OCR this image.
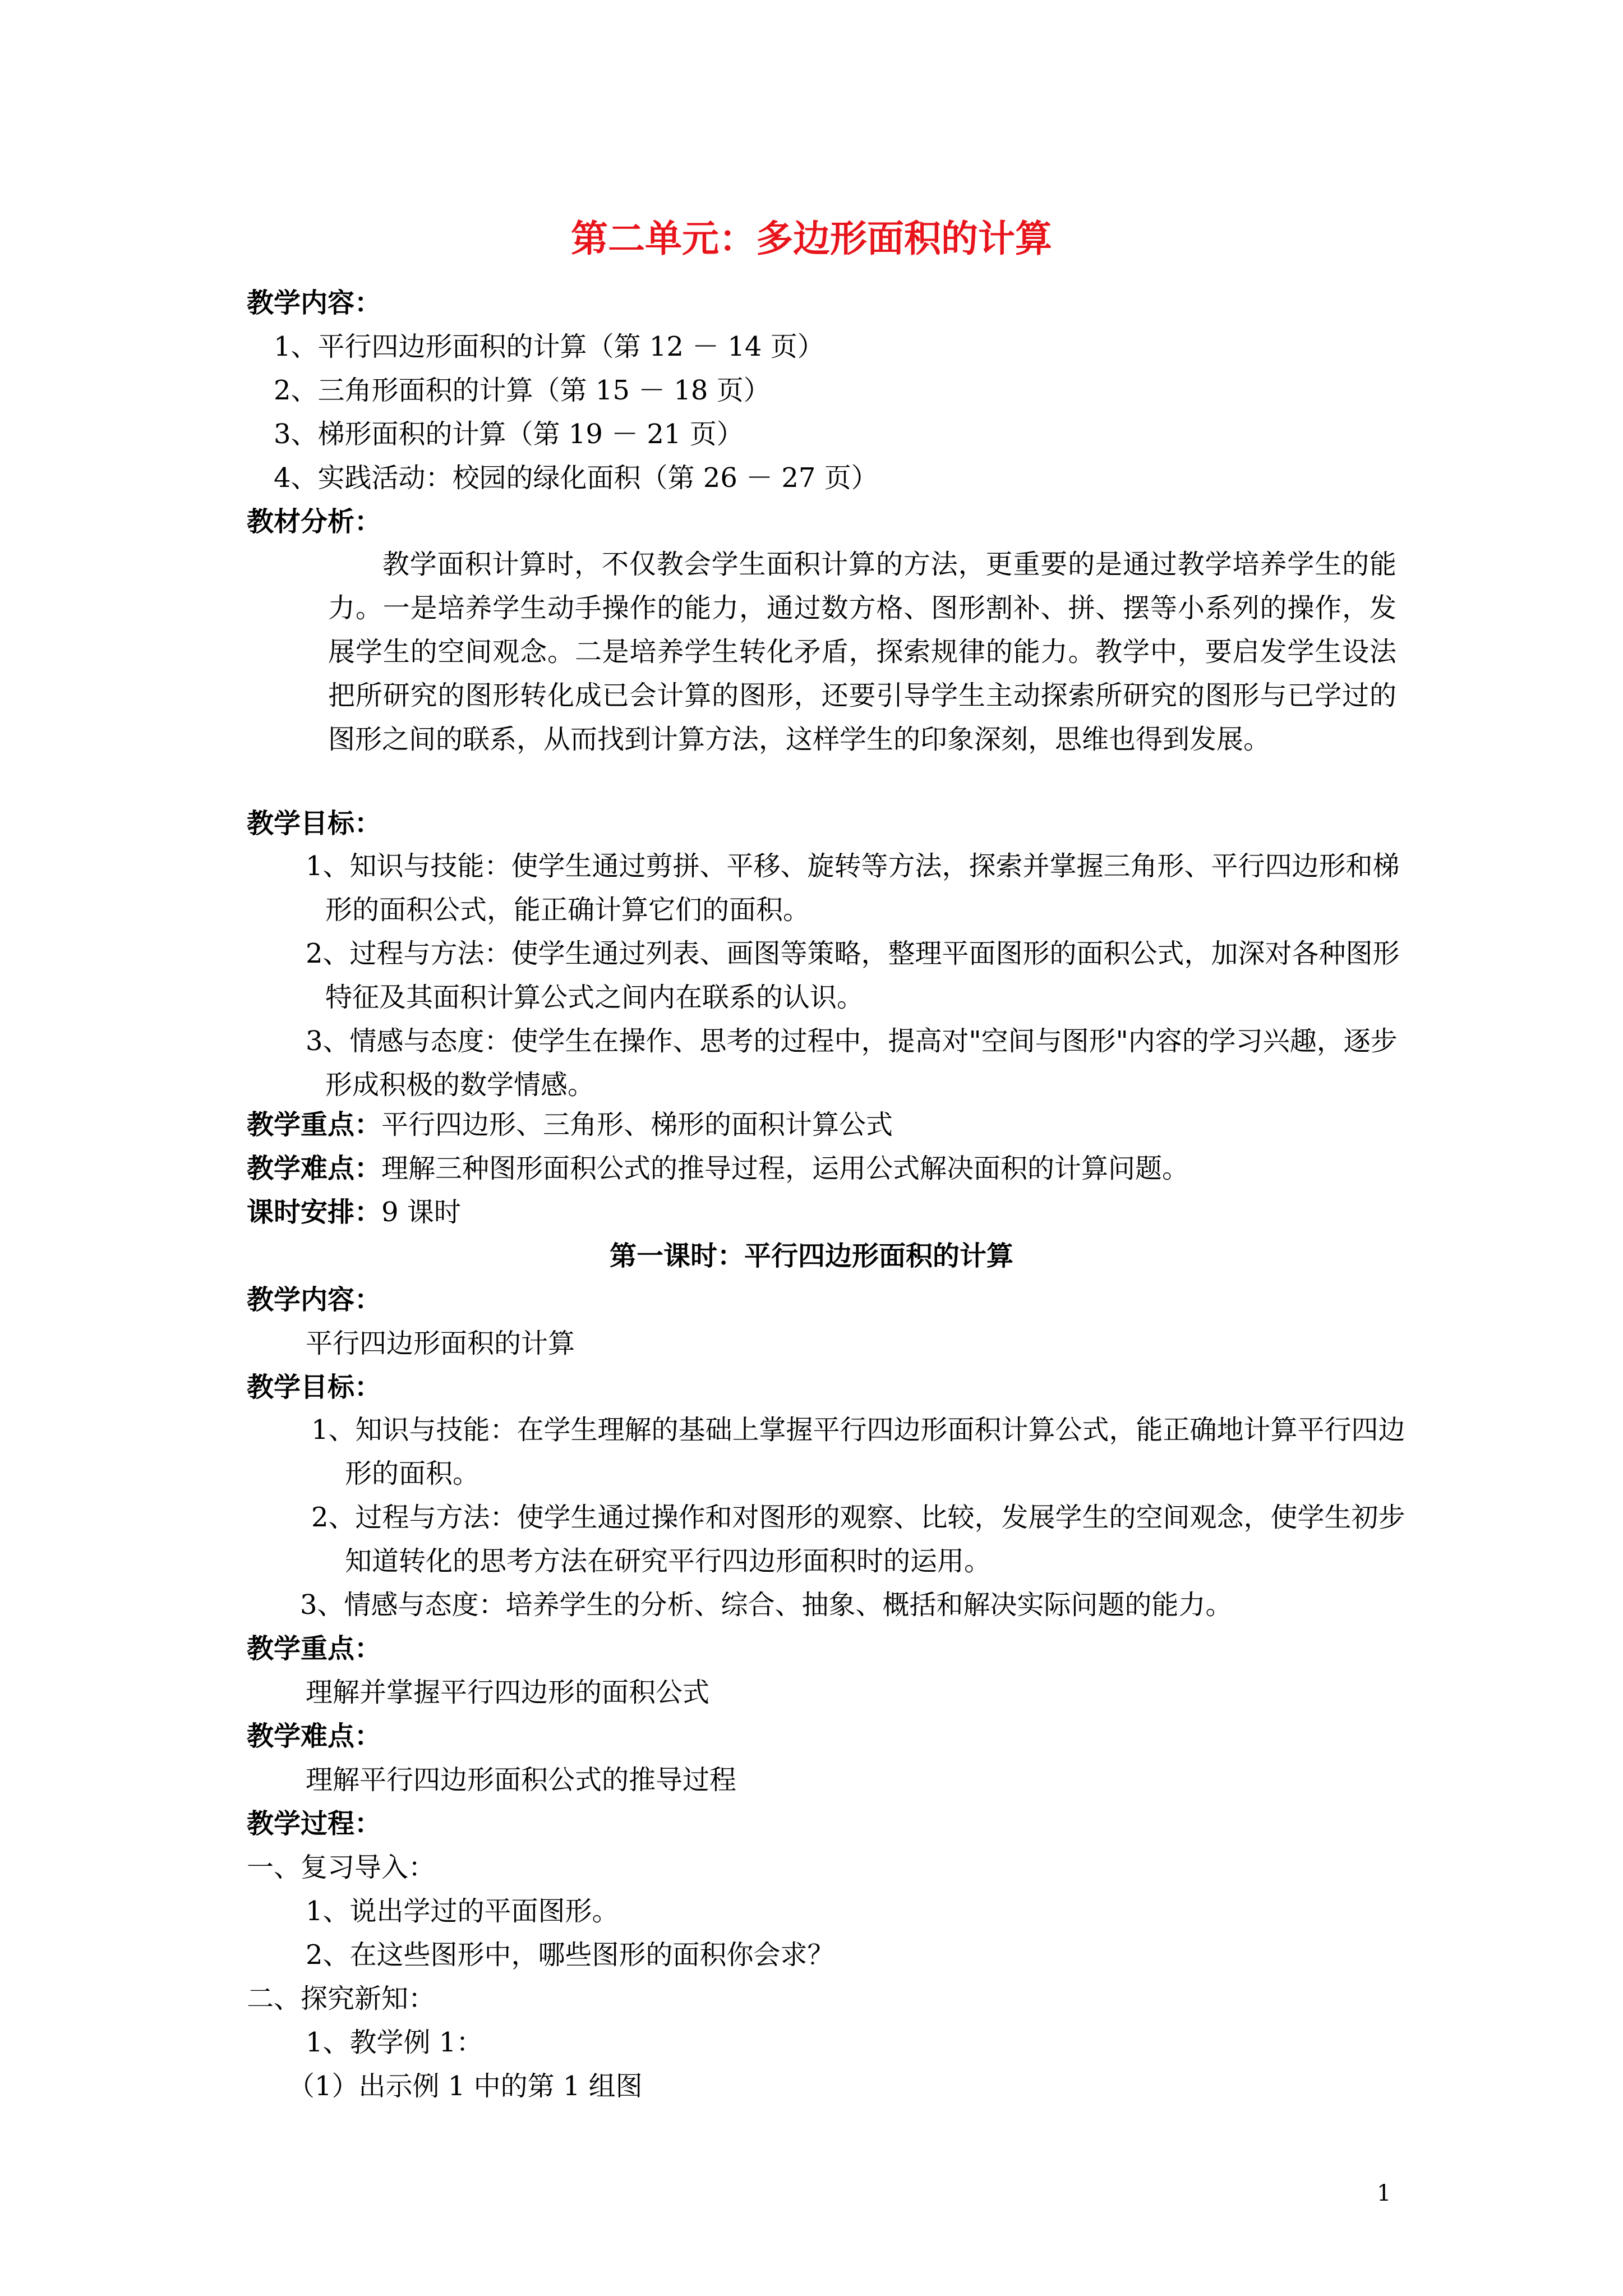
第二单元：多边形面积的计算
教学内容：
1、平行四边形面积的计算（第 12 － 14 页）
2、三角形面积的计算（第 15 － 18 页）
3、梯形面积的计算（第 19 － 21 页）
4、实践活动：校园的绿化面积（第 26 － 27 页）
教材分析：
教学面积计算时，不仅教会学生面积计算的方法，更重要的是通过教学培养学生的能力。一是培养学生动手操作的能力，通过数方格、图形割补、拼、摆等小系列的操作，发展学生的空间观念。二是培养学生转化矛盾，探索规律的能力。教学中，要启发学生设法把所研究的图形转化成已会计算的图形，还要引导学生主动探索所研究的图形与已学过的图形之间的联系，从而找到计算方法，这样学生的印象深刻，思维也得到发展。
教学目标：
1、知识与技能：使学生通过剪拼、平移、旋转等方法，探索并掌握三角形、平行四边形和梯形的面积公式，能正确计算它们的面积。
2、过程与方法：使学生通过列表、画图等策略，整理平面图形的面积公式，加深对各种图形特征及其面积计算公式之间内在联系的认识。
3、情感与态度：使学生在操作、思考的过程中，提高对"空间与图形"内容的学习兴趣，逐步形成积极的数学情感。
教学重点：平行四边形、三角形、梯形的面积计算公式
教学难点：理解三种图形面积公式的推导过程，运用公式解决面积的计算问题。
课时安排：9 课时
第一课时：平行四边形面积的计算
教学内容：
平行四边形面积的计算
教学目标：
1、知识与技能：在学生理解的基础上掌握平行四边形面积计算公式，能正确地计算平行四边形的面积。
2、过程与方法：使学生通过操作和对图形的观察、比较，发展学生的空间观念，使学生初步知道转化的思考方法在研究平行四边形面积时的运用。
3、情感与态度：培养学生的分析、综合、抽象、概括和解决实际问题的能力。
教学重点：
理解并掌握平行四边形的面积公式
教学难点：
理解平行四边形面积公式的推导过程
教学过程：
一、复习导入：
1、说出学过的平面图形。
2、在这些图形中，哪些图形的面积你会求？
二、探究新知：
1、教学例 1：
（1）出示例 1 中的第 1 组图
1
